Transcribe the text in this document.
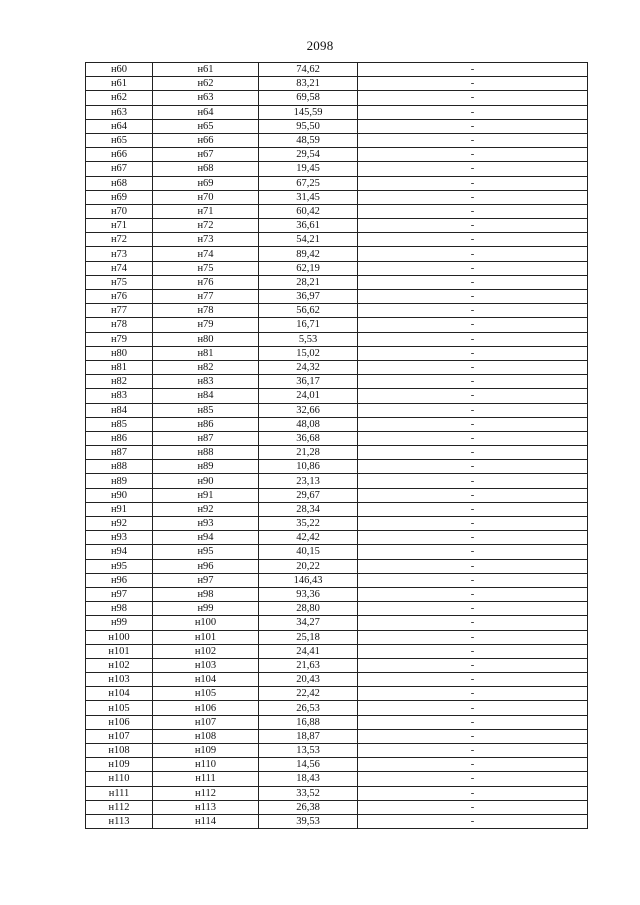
2098
н60	н61	74,62	-
н61	н62	83,21	-
н62	н63	69,58	-
н63	н64	145,59	-
н64	н65	95,50	-
н65	н66	48,59	-
н66	н67	29,54	-
н67	н68	19,45	-
н68	н69	67,25	-
н69	н70	31,45	-
н70	н71	60,42	-
н71	н72	36,61	-
н72	н73	54,21	-
н73	н74	89,42	-
н74	н75	62,19	-
н75	н76	28,21	-
н76	н77	36,97	-
н77	н78	56,62	-
н78	н79	16,71	-
н79	н80	5,53	-
н80	н81	15,02	-
н81	н82	24,32	-
н82	н83	36,17	-
н83	н84	24,01	-
н84	н85	32,66	-
н85	н86	48,08	-
н86	н87	36,68	-
н87	н88	21,28	-
н88	н89	10,86	-
н89	н90	23,13	-
н90	н91	29,67	-
н91	н92	28,34	-
н92	н93	35,22	-
н93	н94	42,42	-
н94	н95	40,15	-
н95	н96	20,22	-
н96	н97	146,43	-
н97	н98	93,36	-
н98	н99	28,80	-
н99	н100	34,27	-
н100	н101	25,18	-
н101	н102	24,41	-
н102	н103	21,63	-
н103	н104	20,43	-
н104	н105	22,42	-
н105	н106	26,53	-
н106	н107	16,88	-
н107	н108	18,87	-
н108	н109	13,53	-
н109	н110	14,56	-
н110	н111	18,43	-
н111	н112	33,52	-
н112	н113	26,38	-
н113	н114	39,53	-
